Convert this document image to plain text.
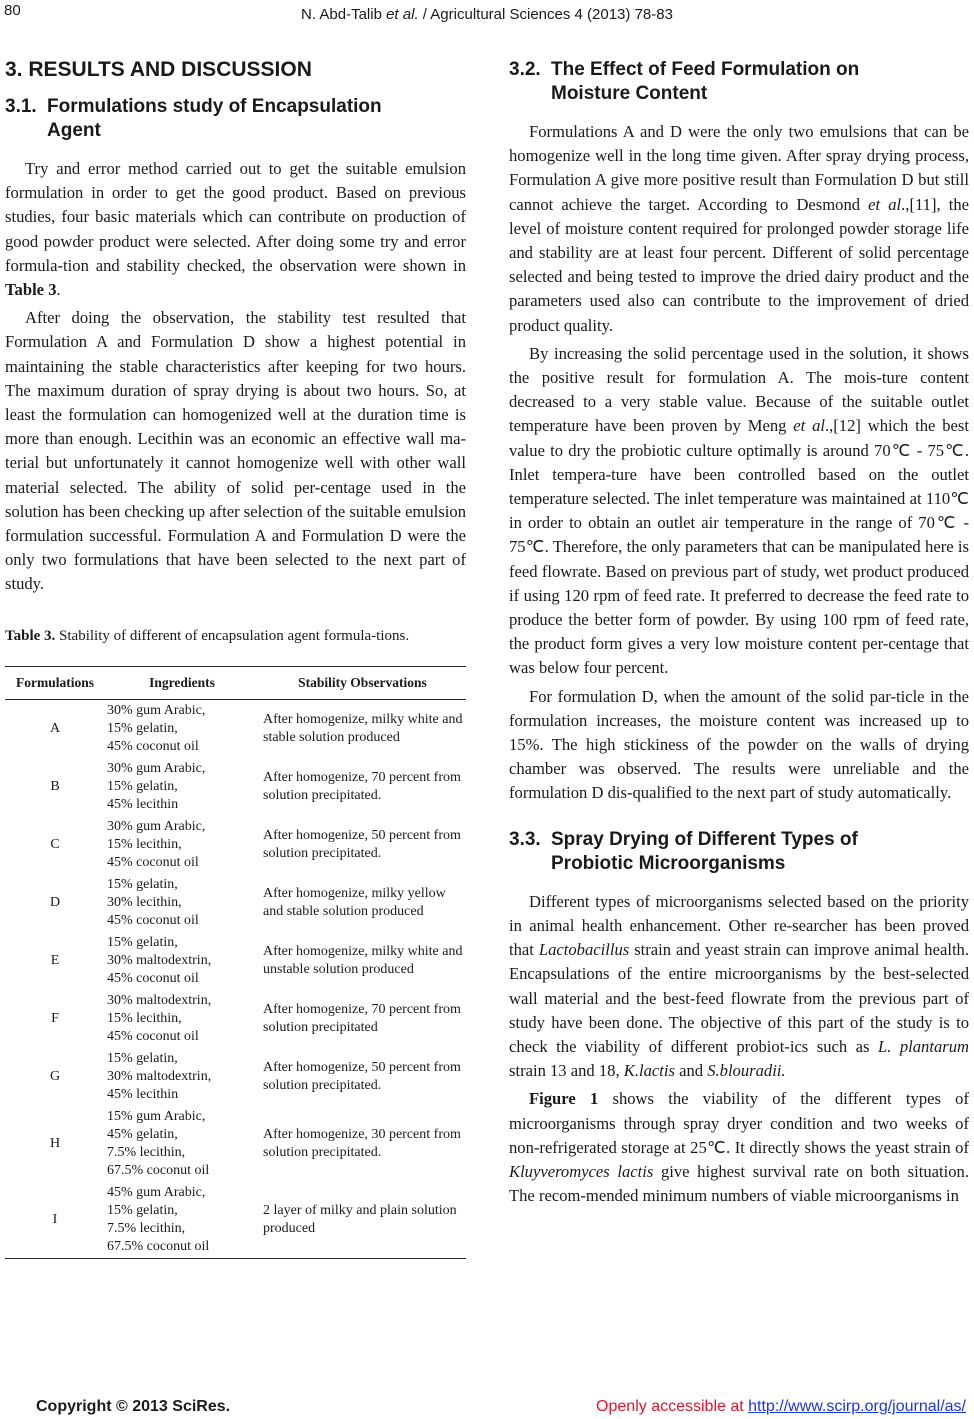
80	N. Abd-Talib et al. / Agricultural Sciences 4 (2013) 78-83
3. RESULTS AND DISCUSSION
3.1. Formulations study of Encapsulation
Agent

Try and error method carried out to get the suitable emulsion formulation in order to get the good product. Based on previous studies, four basic materials which can contribute on production of good powder product were selected. After doing some try and error formula-tion and stability checked, the observation were shown in Table 3.

After doing the observation, the stability test resulted that Formulation A and Formulation D show a highest potential in maintaining the stable characteristics after keeping for two hours. The maximum duration of spray drying is about two hours. So, at least the formulation can homogenized well at the duration time is more than enough. Lecithin was an economic an effective wall ma-terial but unfortunately it cannot homogenize well with other wall material selected. The ability of solid per-centage used in the solution has been checking up after selection of the suitable emulsion formulation successful. Formulation A and Formulation D were the only two formulations that have been selected to the next part of study.

Table 3. Stability of different of encapsulation agent formula-tions.
Formulations	Ingredients	Stability Observations
A	30% gum Arabic,
15% gelatin,
45% coconut oil	After homogenize, milky white and stable solution produced
B	30% gum Arabic,
15% gelatin,
45% lecithin	After homogenize, 70 percent from solution precipitated.
C	30% gum Arabic,
15% lecithin,
45% coconut oil	After homogenize, 50 percent from solution precipitated.
D	15% gelatin,
30% lecithin,
45% coconut oil	After homogenize, milky yellow and stable solution produced
E	15% gelatin,
30% maltodextrin,
45% coconut oil	After homogenize, milky white and unstable solution produced
F	30% maltodextrin,
15% lecithin,
45% coconut oil	After homogenize, 70 percent from solution precipitated
G	15% gelatin,
30% maltodextrin,
45% lecithin	After homogenize, 50 percent from solution precipitated.
H	15% gum Arabic,
45% gelatin,
7.5% lecithin,
67.5% coconut oil	After homogenize, 30 percent from solution precipitated.
I	45% gum Arabic,
15% gelatin,
7.5% lecithin,
67.5% coconut oil	2 layer of milky and plain solution produced
3.2. The Effect of Feed Formulation on
Moisture Content

Formulations A and D were the only two emulsions that can be homogenize well in the long time given. After spray drying process, Formulation A give more positive result than Formulation D but still cannot achieve the target. According to Desmond et al.,[11], the level of moisture content required for prolonged powder storage life and stability are at least four percent. Different of solid percentage selected and being tested to improve the dried dairy product and the parameters used also can contribute to the improvement of dried product quality.

By increasing the solid percentage used in the solution, it shows the positive result for formulation A. The mois-ture content decreased to a very stable value. Because of the suitable outlet temperature have been proven by Meng et al.,[12] which the best value to dry the probiotic culture optimally is around 70℃ - 75℃. Inlet tempera-ture have been controlled based on the outlet temperature selected. The inlet temperature was maintained at 110℃ in order to obtain an outlet air temperature in the range of 70℃ - 75℃. Therefore, the only parameters that can be manipulated here is feed flowrate. Based on previous part of study, wet product produced if using 120 rpm of feed rate. It preferred to decrease the feed rate to produce the better form of powder. By using 100 rpm of feed rate, the product form gives a very low moisture content per-centage that was below four percent.

For formulation D, when the amount of the solid par-ticle in the formulation increases, the moisture content was increased up to 15%. The high stickiness of the powder on the walls of drying chamber was observed. The results were unreliable and the formulation D dis-qualified to the next part of study automatically.

3.3. Spray Drying of Different Types of
Probiotic Microorganisms

Different types of microorganisms selected based on the priority in animal health enhancement. Other re-searcher has been proved that Lactobacillus strain and yeast strain can improve animal health. Encapsulations of the entire microorganisms by the best-selected wall material and the best-feed flowrate from the previous part of study have been done. The objective of this part of the study is to check the viability of different probiot-ics such as L. plantarum strain 13 and 18, K.lactis and S.blouradii.

Figure 1 shows the viability of the different types of microorganisms through spray dryer condition and two weeks of non-refrigerated storage at 25℃. It directly shows the yeast strain of Kluyveromyces lactis give highest survival rate on both situation. The recom-mended minimum numbers of viable microorganisms in

Copyright © 2013 SciRes.	Openly accessible at http://www.scirp.org/journal/as/
